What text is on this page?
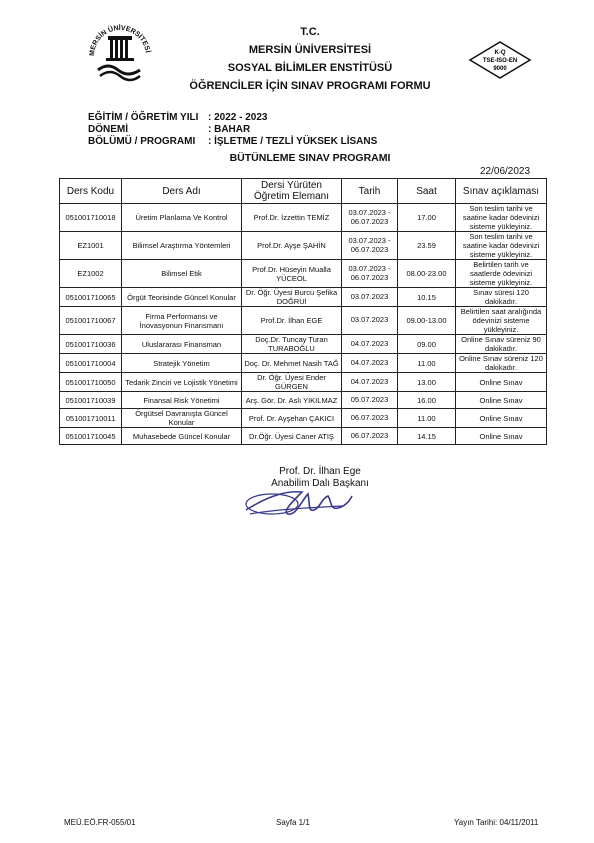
MERSİN ÜNİVERSİTESİ	K-Q
TSE-ISO-EN
9000
T.C.
MERSİN ÜNİVERSİTESİ
SOSYAL BİLİMLER ENSTİTÜSÜ
ÖĞRENCİLER İÇİN SINAV PROGRAMI FORMU
EĞİTİM / ÖĞRETİM YILI : 2022 - 2023
DÖNEMİ	: BAHAR
BÖLÜMÜ / PROGRAMI	: İŞLETME / TEZLİ YÜKSEK LİSANS
BÜTÜNLEME SINAV PROGRAMI
22/06/2023
Ders Kodu	Ders Adı	Dersi Yürüten Öğretim Elemanı	Tarih	Saat	Sınav açıklaması
051001710018	Üretim Planlama Ve Kontrol	Prof.Dr. İzzettin TEMİZ	03.07.2023 - 06.07.2023	17.00	Son teslim tarihi ve saatine kadar ödevinizi sisteme yükleyiniz.
EZ1001	Bilimsel Araştırma Yöntemleri	Prof.Dr. Ayşe ŞAHİN	03.07.2023 - 06.07.2023	23.59	Son teslim tarihi ve saatine kadar ödevinizi sisteme yükleyiniz.
EZ1002	Bilimsel Etik	Prof.Dr. Hüseyin Mualla YÜCEOL	03.07.2023 - 06.07.2023	08.00-23.00	Belirtilen tarih ve saatlerde ödevinizi sisteme yükleyiniz.
051001710065	Örgüt Teorisinde Güncel Konular	Dr. Öğr. Üyesi Burcu Şefika DOĞRUl	03.07.2023	10.15	Sınav süresi 120 dakikadır.
051001710067	Firma Performansı ve İnovasyonun Finansmanı	Prof.Dr. İlhan EGE	03.07.2023	09.00-13.00	Belirtilen saat aralığında ödevinizi sisteme yükleyiniz.
051001710036	Uluslararası Finansman	Doç.Dr. Tuncay Turan TURABOĞLU	04.07.2023	09.00	Online Sınav süreniz 90 dakikadır.
051001710004	Stratejik Yönetim	Doç. Dr. Mehmet Nasih TAĞ	04.07.2023	11.00	Online Sınav süreniz 120 dakikadır.
051001710050	Tedarik Zinciri ve Lojistik Yönetimi	Dr. Öğr. Üyesi Ender GÜRGEN	04.07.2023	13.00	Online Sınav
051001710039	Finansal Risk Yönetimi	Arş. Gör. Dr. Aslı YIKILMAZ	05.07.2023	16.00	Online Sınav
051001710011	Örgütsel Davranışta Güncel Konular	Prof. Dr. Ayşehan ÇAKICI	06.07.2023	11.00	Online Sınav
051001710045	Muhasebede Güncel Konular	Dr.Öğr. Üyesi Caner ATIŞ	06.07.2023	14.15	Online Sınav
Prof. Dr. İlhan Ege
Anabilim Dalı Başkanı
MEÜ.EÖ.FR-055/01	Sayfa 1/1	Yayın Tarihi: 04/11/2011
